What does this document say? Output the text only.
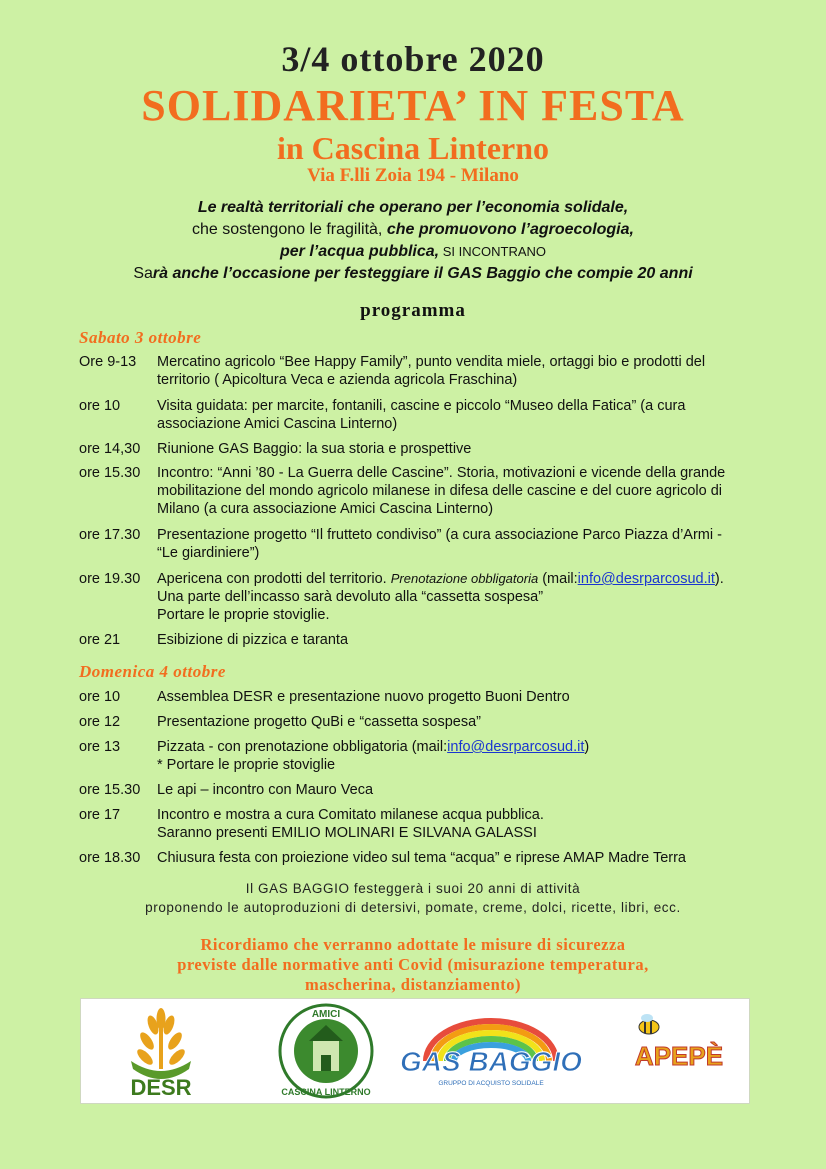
3/4 ottobre 2020
SOLIDARIETA’ IN FESTA
in Cascina Linterno
Via F.lli Zoia 194 - Milano
Le realtà territoriali che operano per l’economia solidale,
che sostengono le fragilità, che promuovono l’agroecologia,
per l’acqua pubblica, SI INCONTRANO
Sarà anche l’occasione per festeggiare il GAS Baggio che compie 20 anni
programma
Sabato 3 ottobre
Ore 9-13	Mercatino agricolo “Bee Happy Family”, punto vendita miele, ortaggi bio e prodotti del
territorio ( Apicoltura Veca e azienda agricola Fraschina)
ore 10	Visita guidata: per marcite, fontanili, cascine e piccolo “Museo della Fatica” (a cura
associazione Amici Cascina Linterno)
ore 14,30	Riunione GAS Baggio: la sua storia e prospettive
ore 15.30	Incontro: “Anni ’80 - La Guerra delle Cascine”. Storia, motivazioni e vicende della grande
mobilitazione del mondo agricolo milanese in difesa delle cascine e del cuore agricolo di
Milano (a cura associazione Amici Cascina Linterno)
ore 17.30	Presentazione progetto “Il frutteto condiviso” (a cura associazione Parco Piazza d’Armi -
“Le giardiniere”)
ore 19.30	Apericena con prodotti del territorio. Prenotazione obbligatoria (mail:info@desrparcosud.it).
Una parte dell’incasso sarà devoluto alla “cassetta sospesa”
Portare le proprie stoviglie.
ore 21	Esibizione di pizzica e taranta
Domenica 4 ottobre
ore 10	Assemblea DESR e presentazione nuovo progetto Buoni Dentro
ore 12	Presentazione progetto QuBi e “cassetta sospesa”
ore 13	Pizzata - con prenotazione obbligatoria (mail:info@desrparcosud.it)
* Portare le proprie stoviglie
ore 15.30	Le api – incontro con Mauro Veca
ore 17	Incontro e mostra a cura Comitato milanese acqua pubblica.
Saranno presenti EMILIO MOLINARI E SILVANA GALASSI
ore 18.30	Chiusura festa con proiezione video sul tema “acqua” e riprese AMAP Madre Terra
Il GAS BAGGIO festeggerà i suoi 20 anni di attività
proponendo le autoproduzioni di detersivi, pomate, creme, dolci, ricette, libri, ecc.
Ricordiamo che verranno adottate le misure di sicurezza
previste dalle normative anti Covid (misurazione temperatura,
mascherina, distanziamento)
DESR
AMICI
CASCINA LINTERNO
GAS BAGGIO
GRUPPO DI ACQUISTO SOLIDALE
APEPÈ
